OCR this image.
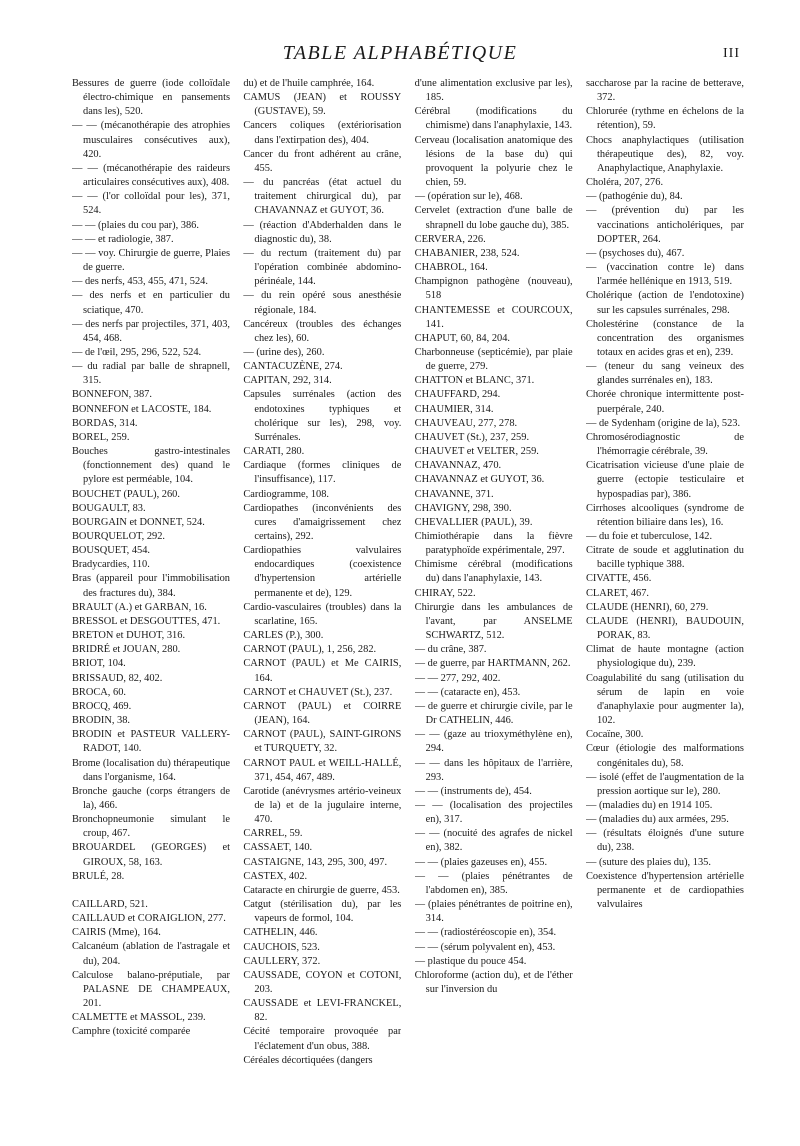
TABLE ALPHABÉTIQUE	III

Bessures de guerre (iode colloïdale électro-chimique en pansements dans les), 520.

— — (mécanothérapie des atrophies musculaires consécutives aux), 420.

— — (mécanothérapie des raideurs articulaires consécutives aux), 408.

— — (l'or colloïdal pour les), 371, 524.

— — (plaies du cou par), 386.

— — et radiologie, 387.

— — voy. Chirurgie de guerre, Plaies de guerre.

— des nerfs, 453, 455, 471, 524.

— des nerfs et en particulier du sciatique, 470.

— des nerfs par projectiles, 371, 403, 454, 468.

— de l'œil, 295, 296, 522, 524.

— du radial par balle de shrapnell, 315.

BONNEFON, 387.

BONNEFON et LACOSTE, 184.

BORDAS, 314.

BOREL, 259.

Bouches gastro-intestinales (fonctionnement des) quand le pylore est perméable, 104.

BOUCHET (PAUL), 260.

BOUGAULT, 83.

BOURGAIN et DONNET, 524.

BOURQUELOT, 292.

BOUSQUET, 454.

Bradycardies, 110.

Bras (appareil pour l'immobilisation des fractures du), 384.

BRAULT (A.) et GARBAN, 16.

BRESSOL et DESGOUTTES, 471.

BRETON et DUHOT, 316.

BRIDRÉ et JOUAN, 280.

BRIOT, 104.

BRISSAUD, 82, 402.

BROCA, 60.

BROCQ, 469.

BRODIN, 38.

BRODIN et PASTEUR VALLERY-RADOT, 140.

Brome (localisation du) thérapeutique dans l'organisme, 164.

Bronche gauche (corps étrangers de la), 466.

Bronchopneumonie simulant le croup, 467.

BROUARDEL (GEORGES) et GIROUX, 58, 163.

BRULÉ, 28.

CAILLARD, 521.

CAILLAUD et CORAIGLION, 277.

CAIRIS (Mme), 164.

Calcanéum (ablation de l'astragale et du), 204.

Calculose balano-préputiale, par PALASNE DE CHAMPEAUX, 201.

CALMETTE et MASSOL, 239.

Camphre (toxicité comparée

du) et de l'huile camphrée, 164.

CAMUS (JEAN) et ROUSSY (GUSTAVE), 59.

Cancers coliques (extériorisation dans l'extirpation des), 404.

Cancer du front adhérent au crâne, 455.

— du pancréas (état actuel du traitement chirurgical du), par CHAVANNAZ et GUYOT, 36.

— (réaction d'Abderhalden dans le diagnostic du), 38.

— du rectum (traitement du) par l'opération combinée abdomino-périnéale, 144.

— du rein opéré sous anesthésie régionale, 184.

Cancéreux (troubles des échanges chez les), 60.

— (urine des), 260.

CANTACUZÈNE, 274.

CAPITAN, 292, 314.

Capsules surrénales (action des endotoxines typhiques et cholérique sur les), 298, voy. Surrénales.

CARATI, 280.

Cardiaque (formes cliniques de l'insuffisance), 117.

Cardiogramme, 108.

Cardiopathes (inconvénients des cures d'amaigrissement chez certains), 292.

Cardiopathies valvulaires endocardiques (coexistence d'hypertension artérielle permanente et de), 129.

Cardio-vasculaires (troubles) dans la scarlatine, 165.

CARLES (P.), 300.

CARNOT (PAUL), 1, 256, 282.

CARNOT (PAUL) et Me CAIRIS, 164.

CARNOT et CHAUVET (St.), 237.

CARNOT (PAUL) et COIRRE (JEAN), 164.

CARNOT (PAUL), SAINT-GIRONS et TURQUETY, 32.

CARNOT PAUL et WEILL-HALLÉ, 371, 454, 467, 489.

Carotide (anévrysmes artério-veineux de la) et de la jugulaire interne, 470.

CARREL, 59.

CASSAET, 140.

CASTAIGNE, 143, 295, 300, 497.

CASTEX, 402.

Cataracte en chirurgie de guerre, 453.

Catgut (stérilisation du), par les vapeurs de formol, 104.

CATHELIN, 446.

CAUCHOIS, 523.

CAULLERY, 372.

CAUSSADE, COYON et COTONI, 203.

CAUSSADE et LEVI-FRANCKEL, 82.

Cécité temporaire provoquée par l'éclatement d'un obus, 388.

Céréales décortiquées (dangers

d'une alimentation exclusive par les), 185.

Cérébral (modifications du chimisme) dans l'anaphylaxie, 143.

Cerveau (localisation anatomique des lésions de la base du) qui provoquent la polyurie chez le chien, 59.

— (opération sur le), 468.

Cervelet (extraction d'une balle de shrapnell du lobe gauche du), 385.

CERVERA, 226.

CHABANIER, 238, 524.

CHABROL, 164.

Champignon pathogène (nouveau), 518

CHANTEMESSE et COURCOUX, 141.

CHAPUT, 60, 84, 204.

Charbonneuse (septicémie), par plaie de guerre, 279.

CHATTON et BLANC, 371.

CHAUFFARD, 294.

CHAUMIER, 314.

CHAUVEAU, 277, 278.

CHAUVET (St.), 237, 259.

CHAUVET et VELTER, 259.

CHAVANNAZ, 470.

CHAVANNAZ et GUYOT, 36.

CHAVANNE, 371.

CHAVIGNY, 298, 390.

CHEVALLIER (PAUL), 39.

Chimiothérapie dans la fièvre paratyphoïde expérimentale, 297.

Chimisme cérébral (modifications du) dans l'anaphylaxie, 143.

CHIRAY, 522.

Chirurgie dans les ambulances de l'avant, par ANSELME SCHWARTZ, 512.

— du crâne, 387.

— de guerre, par HARTMANN, 262.

— — 277, 292, 402.

— — (cataracte en), 453.

— de guerre et chirurgie civile, par le Dr CATHELIN, 446.

— — (gaze au trioxyméthylène en), 294.

— — dans les hôpitaux de l'arrière, 293.

— — (instruments de), 454.

— — (localisation des projectiles en), 317.

— — (nocuité des agrafes de nickel en), 382.

— — (plaies gazeuses en), 455.

— — (plaies pénétrantes de l'abdomen en), 385.

— (plaies pénétrantes de poitrine en), 314.

— — (radiostéréoscopie en), 354.

— — (sérum polyvalent en), 453.

— plastique du pouce 454.

Chloroforme (action du), et de l'éther sur l'inversion du

saccharose par la racine de betterave, 372.

Chlorurée (rythme en échelons de la rétention), 59.

Chocs anaphylactiques (utilisation thérapeutique des), 82, voy. Anaphylactique, Anaphylaxie.

Choléra, 207, 276.

— (pathogénie du), 84.

— (prévention du) par les vaccinations anticholériques, par DOPTER, 264.

— (psychoses du), 467.

— (vaccination contre le) dans l'armée hellénique en 1913, 519.

Cholérique (action de l'endotoxine) sur les capsules surrénales, 298.

Cholestérine (constance de la concentration des organismes totaux en acides gras et en), 239.

— (teneur du sang veineux des glandes surrénales en), 183.

Chorée chronique intermittente post-puerpérale, 240.

— de Sydenham (origine de la), 523.

Chromosérodiagnostic de l'hémorragie cérébrale, 39.

Cicatrisation vicieuse d'une plaie de guerre (ectopie testiculaire et hypospadias par), 386.

Cirrhoses alcooliques (syndrome de rétention biliaire dans les), 16.

— du foie et tuberculose, 142.

Citrate de soude et agglutination du bacille typhique 388.

CIVATTE, 456.

CLARET, 467.

CLAUDE (HENRI), 60, 279.

CLAUDE (HENRI), BAUDOUIN, PORAK, 83.

Climat de haute montagne (action physiologique du), 239.

Coagulabilité du sang (utilisation du sérum de lapin en voie d'anaphylaxie pour augmenter la), 102.

Cocaïne, 300.

Cœur (étiologie des malformations congénitales du), 58.

— isolé (effet de l'augmentation de la pression aortique sur le), 280.

— (maladies du) en 1914 105.

— (maladies du) aux armées, 295.

— (résultats éloignés d'une suture du), 238.

— (suture des plaies du), 135.

Coexistence d'hypertension artérielle permanente et de cardiopathies valvulaires
